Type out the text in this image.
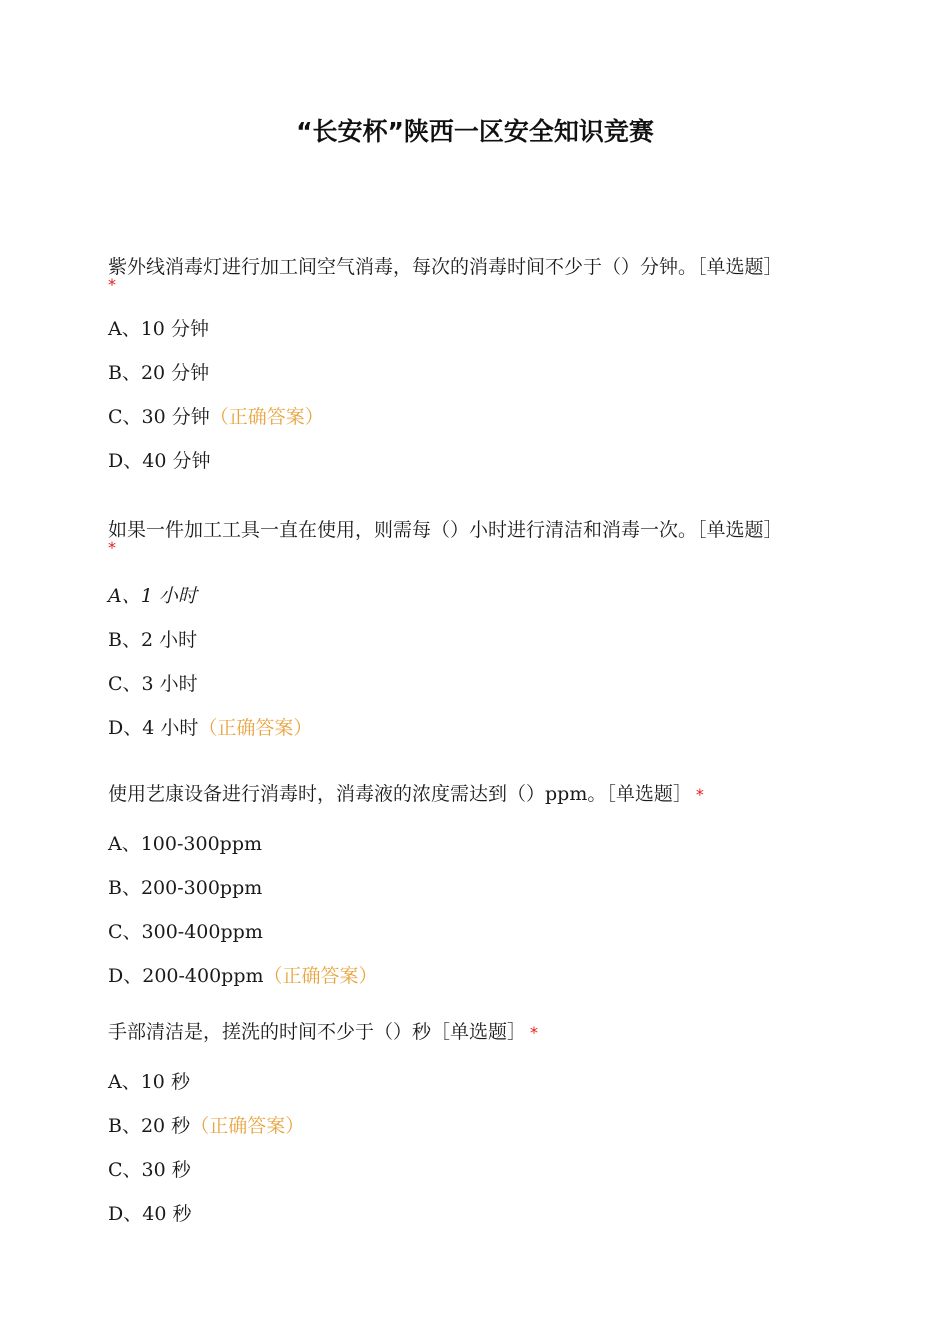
“长安杯”陕西一区安全知识竞赛
紫外线消毒灯进行加工间空气消毒，每次的消毒时间不少于（）分钟。［单选题］
*
A、10 分钟
B、20 分钟
C、30 分钟（正确答案）
D、40 分钟
如果一件加工工具一直在使用，则需每（）小时进行清洁和消毒一次。［单选题］
*
A、1 小时
B、2 小时
C、3 小时
D、4 小时（正确答案）
使用艺康设备进行消毒时，消毒液的浓度需达到（）ppm。［单选题］ *
A、100-300ppm
B、200-300ppm
C、300-400ppm
D、200-400ppm（正确答案）
手部清洁是，搓洗的时间不少于（）秒［单选题］ *
A、10 秒
B、20 秒（正确答案）
C、30 秒
D、40 秒
